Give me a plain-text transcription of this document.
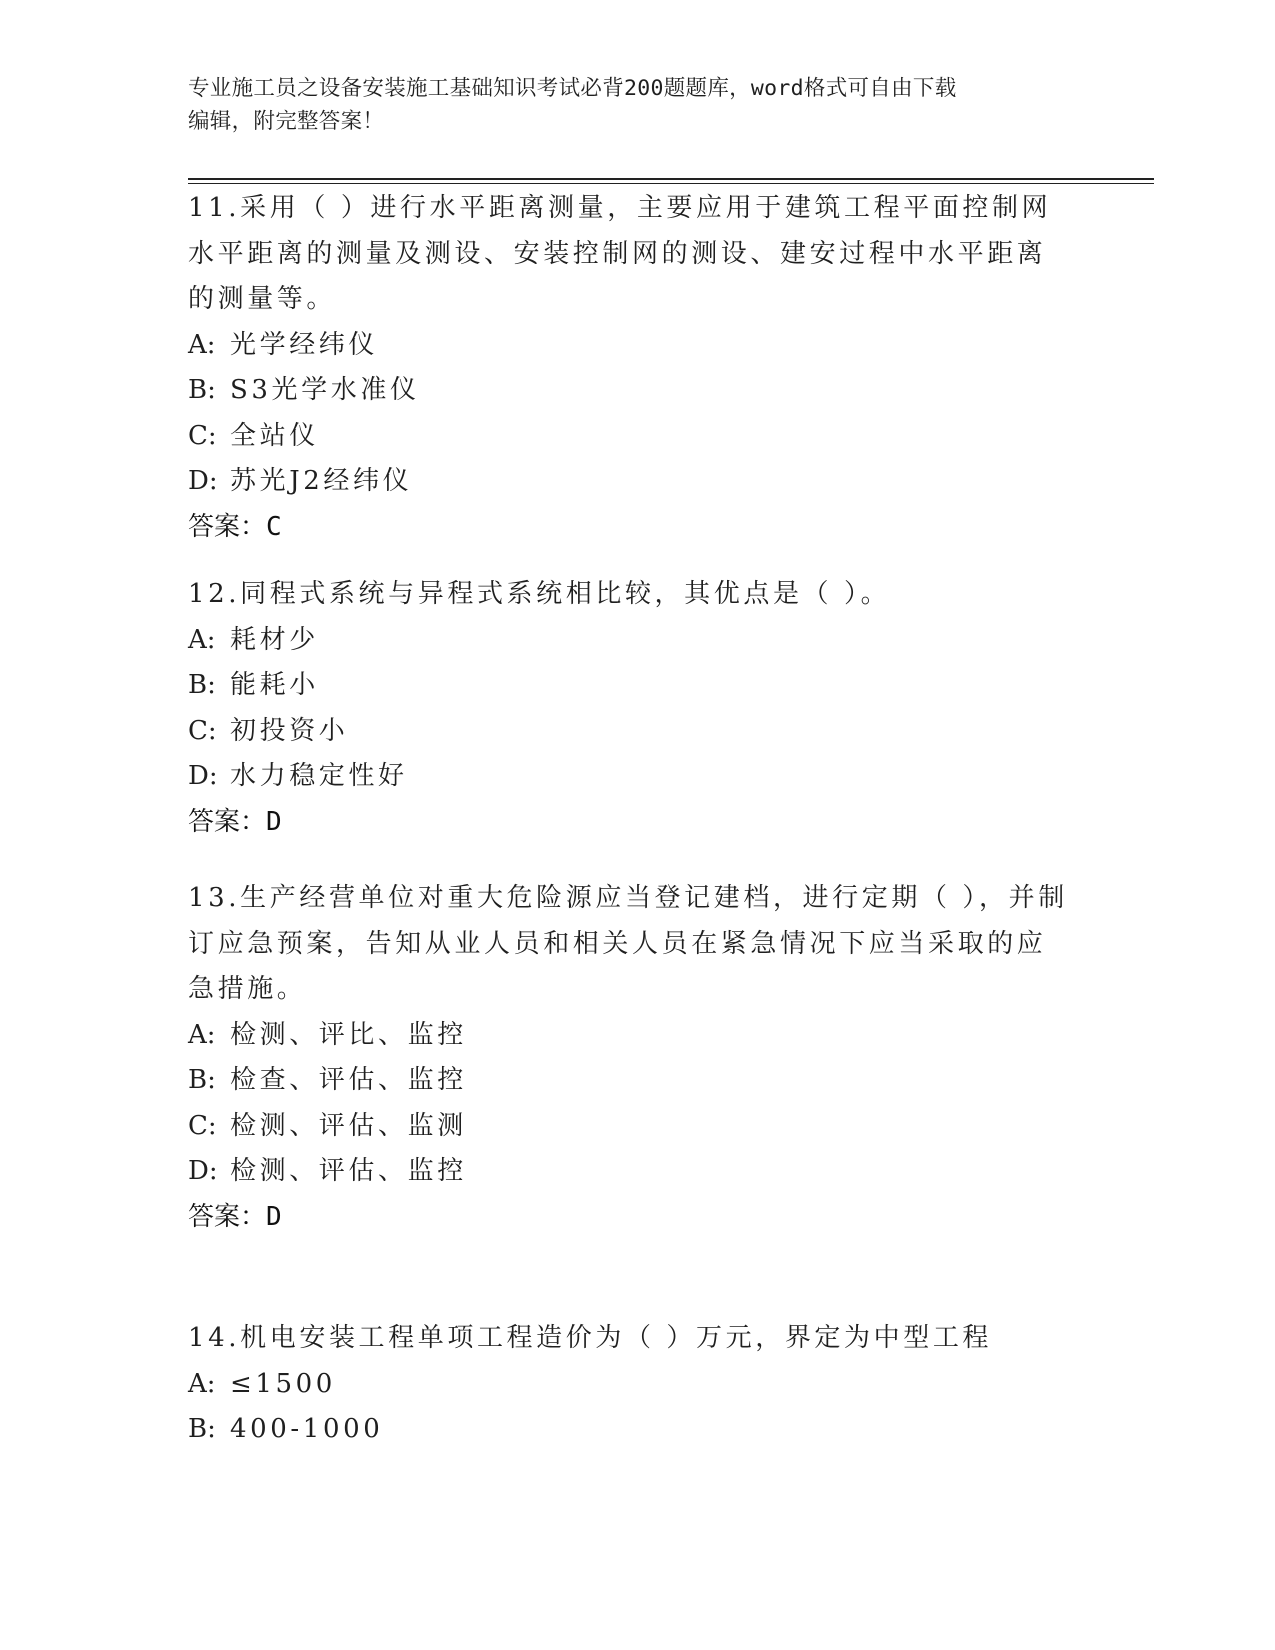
专业施工员之设备安装施工基础知识考试必背200题题库，word格式可自由下载
编辑，附完整答案！

11.采用（ ）进行水平距离测量，主要应用于建筑工程平面控制网水平距离的测量及测设、安装控制网的测设、建安过程中水平距离的测量等。

A: 光学经纬仪

B: S3光学水准仪

C: 全站仪

D: 苏光J2经纬仪

答案：C

12.同程式系统与异程式系统相比较，其优点是（ ）。

A: 耗材少

B: 能耗小

C: 初投资小

D: 水力稳定性好

答案：D

13.生产经营单位对重大危险源应当登记建档，进行定期（ ），并制订应急预案，告知从业人员和相关人员在紧急情况下应当采取的应急措施。

A: 检测、评比、监控

B: 检查、评估、监控

C: 检测、评估、监测

D: 检测、评估、监控

答案：D

14.机电安装工程单项工程造价为（ ）万元，界定为中型工程

A: ≤1500

B: 400-1000
